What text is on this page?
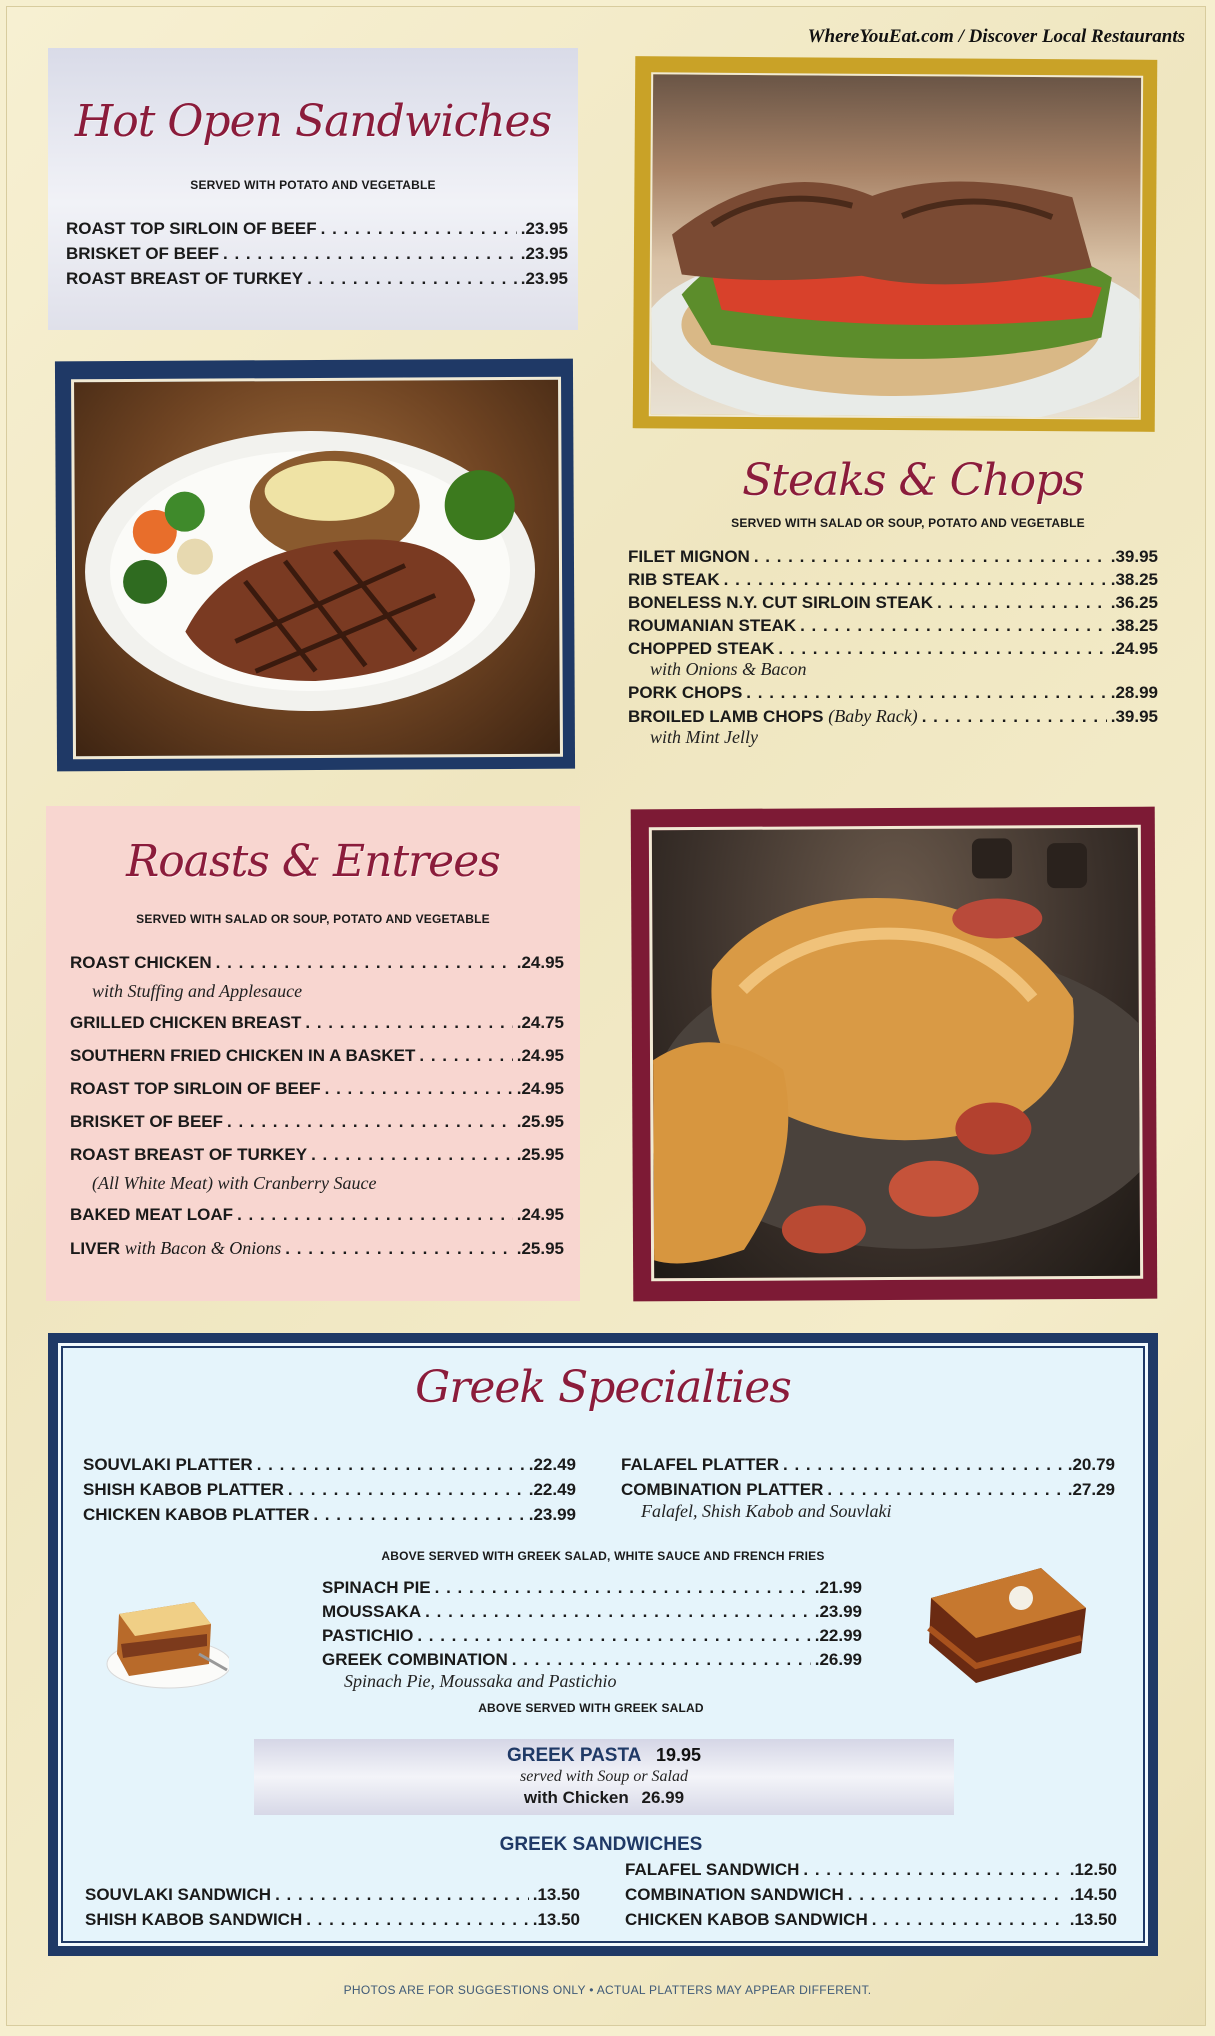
WhereYouEat.com / Discover Local Restaurants
Hot Open Sandwiches
SERVED WITH POTATO AND VEGETABLE
ROAST TOP SIRLOIN OF BEEF . . .	.23.95
BRISKET OF BEEF . . .	.23.95
ROAST BREAST OF TURKEY . . .	.23.95
Steaks & Chops
SERVED WITH SALAD OR SOUP, POTATO AND VEGETABLE
FILET MIGNON . . .	.39.95
RIB STEAK . . .	.38.25
BONELESS N.Y. CUT SIRLOIN STEAK . . .	.36.25
ROUMANIAN STEAK . . .	.38.25
CHOPPED STEAK . . .	.24.95
with Onions & Bacon
PORK CHOPS . . .	.28.99
BROILED LAMB CHOPS (Baby Rack) . . .	.39.95
with Mint Jelly
Roasts & Entrees
SERVED WITH SALAD OR SOUP, POTATO AND VEGETABLE
ROAST CHICKEN . . .	.24.95
with Stuffing and Applesauce
GRILLED CHICKEN BREAST . . .	.24.75
SOUTHERN FRIED CHICKEN IN A BASKET . . .	.24.95
ROAST TOP SIRLOIN OF BEEF . . .	.24.95
BRISKET OF BEEF . . .	.25.95
ROAST BREAST OF TURKEY . . .	.25.95
(All White Meat) with Cranberry Sauce
BAKED MEAT LOAF . . .	.24.95
LIVER with Bacon & Onions . . .	.25.95
Greek Specialties
SOUVLAKI PLATTER . . .	.22.49
SHISH KABOB PLATTER . . .	.22.49
CHICKEN KABOB PLATTER . . .	.23.99
FALAFEL PLATTER . . .	.20.79
COMBINATION PLATTER . . .	.27.29
Falafel, Shish Kabob and Souvlaki
ABOVE SERVED WITH GREEK SALAD, WHITE SAUCE AND FRENCH FRIES
SPINACH PIE . . .	.21.99
MOUSSAKA . . .	.23.99
PASTICHIO . . .	.22.99
GREEK COMBINATION . . .	.26.99
Spinach Pie, Moussaka and Pastichio
ABOVE SERVED WITH GREEK SALAD
GREEK PASTA 19.95
served with Soup or Salad
with Chicken 26.99
GREEK SANDWICHES
SOUVLAKI SANDWICH . . .	.13.50
SHISH KABOB SANDWICH . . .	.13.50
FALAFEL SANDWICH . . .	.12.50
COMBINATION SANDWICH . . .	.14.50
CHICKEN KABOB SANDWICH . . .	.13.50
PHOTOS ARE FOR SUGGESTIONS ONLY • ACTUAL PLATTERS MAY APPEAR DIFFERENT.
